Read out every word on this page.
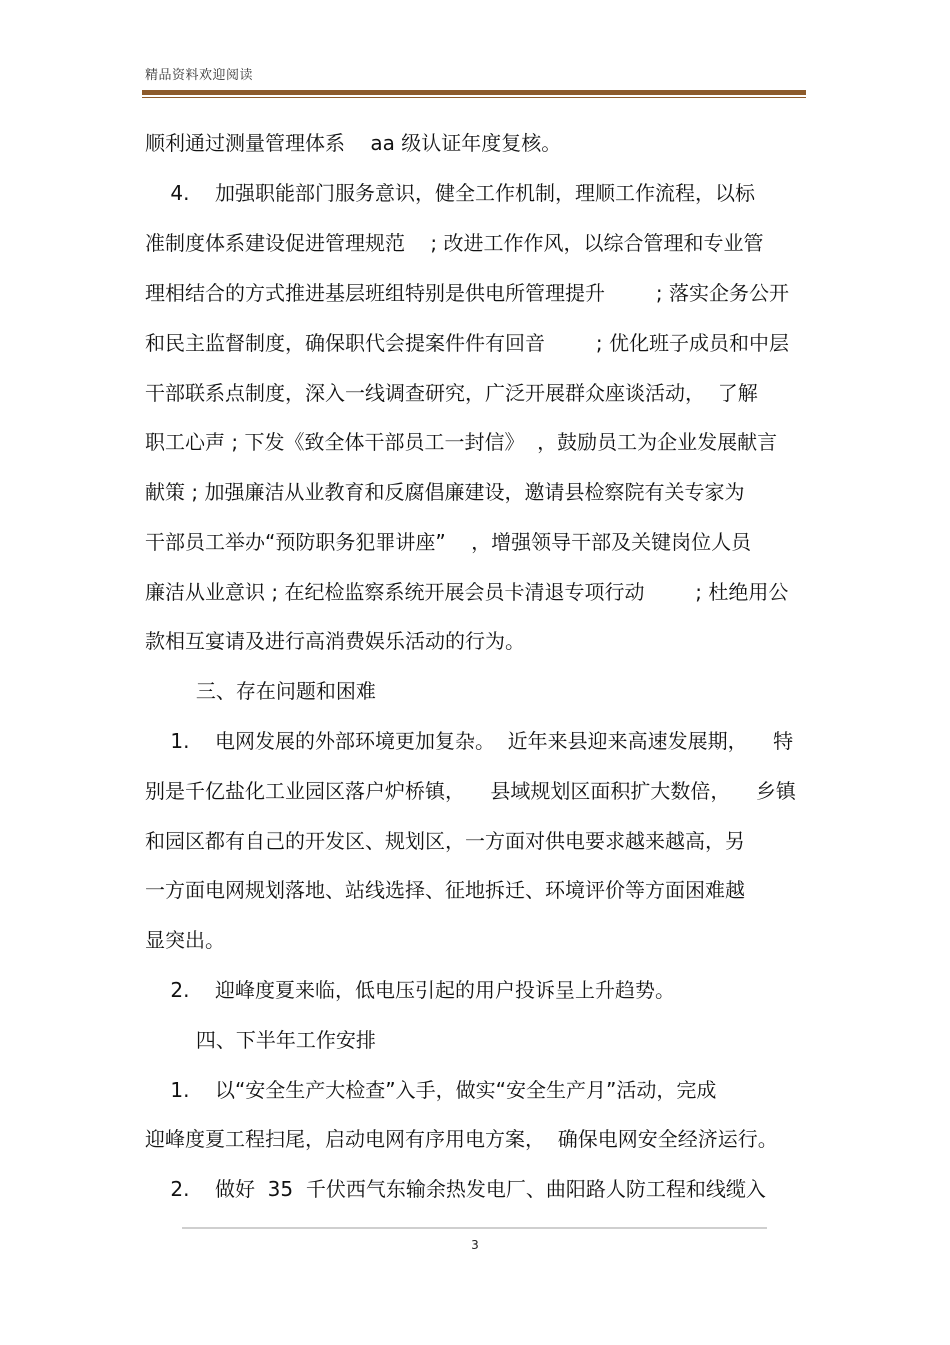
精品资料欢迎阅读
顺利通过测量管理体系    aa 级认证年度复核。
4.    加强职能部门服务意识，健全工作机制，理顺工作流程，以标
准制度体系建设促进管理规范    ; 改进工作作风，以综合管理和专业管
理相结合的方式推进基层班组特别是供电所管理提升        ; 落实企务公开
和民主监督制度，确保职代会提案件件有回音        ; 优化班子成员和中层
干部联系点制度，深入一线调查研究，广泛开展群众座谈活动，  了解
职工心声 ; 下发《致全体干部员工一封信》  ，鼓励员工为企业发展献言
献策 ; 加强廉洁从业教育和反腐倡廉建设，邀请县检察院有关专家为
干部员工举办“预防职务犯罪讲座”    ，增强领导干部及关键岗位人员
廉洁从业意识 ; 在纪检监察系统开展会员卡清退专项行动        ; 杜绝用公
款相互宴请及进行高消费娱乐活动的行为。
三、存在问题和困难
1.    电网发展的外部环境更加复杂。  近年来县迎来高速发展期，    特
别是千亿盐化工业园区落户炉桥镇，    县域规划区面积扩大数倍，    乡镇
和园区都有自己的开发区、规划区，一方面对供电要求越来越高，另
一方面电网规划落地、站线选择、征地拆迁、环境评价等方面困难越
显突出。
2.    迎峰度夏来临，低电压引起的用户投诉呈上升趋势。
四、下半年工作安排
1.    以“安全生产大检查”入手，做实“安全生产月”活动，完成
迎峰度夏工程扫尾，启动电网有序用电方案，  确保电网安全经济运行。
2.    做好  35  千伏西气东输余热发电厂、曲阳路人防工程和线缆入
3
